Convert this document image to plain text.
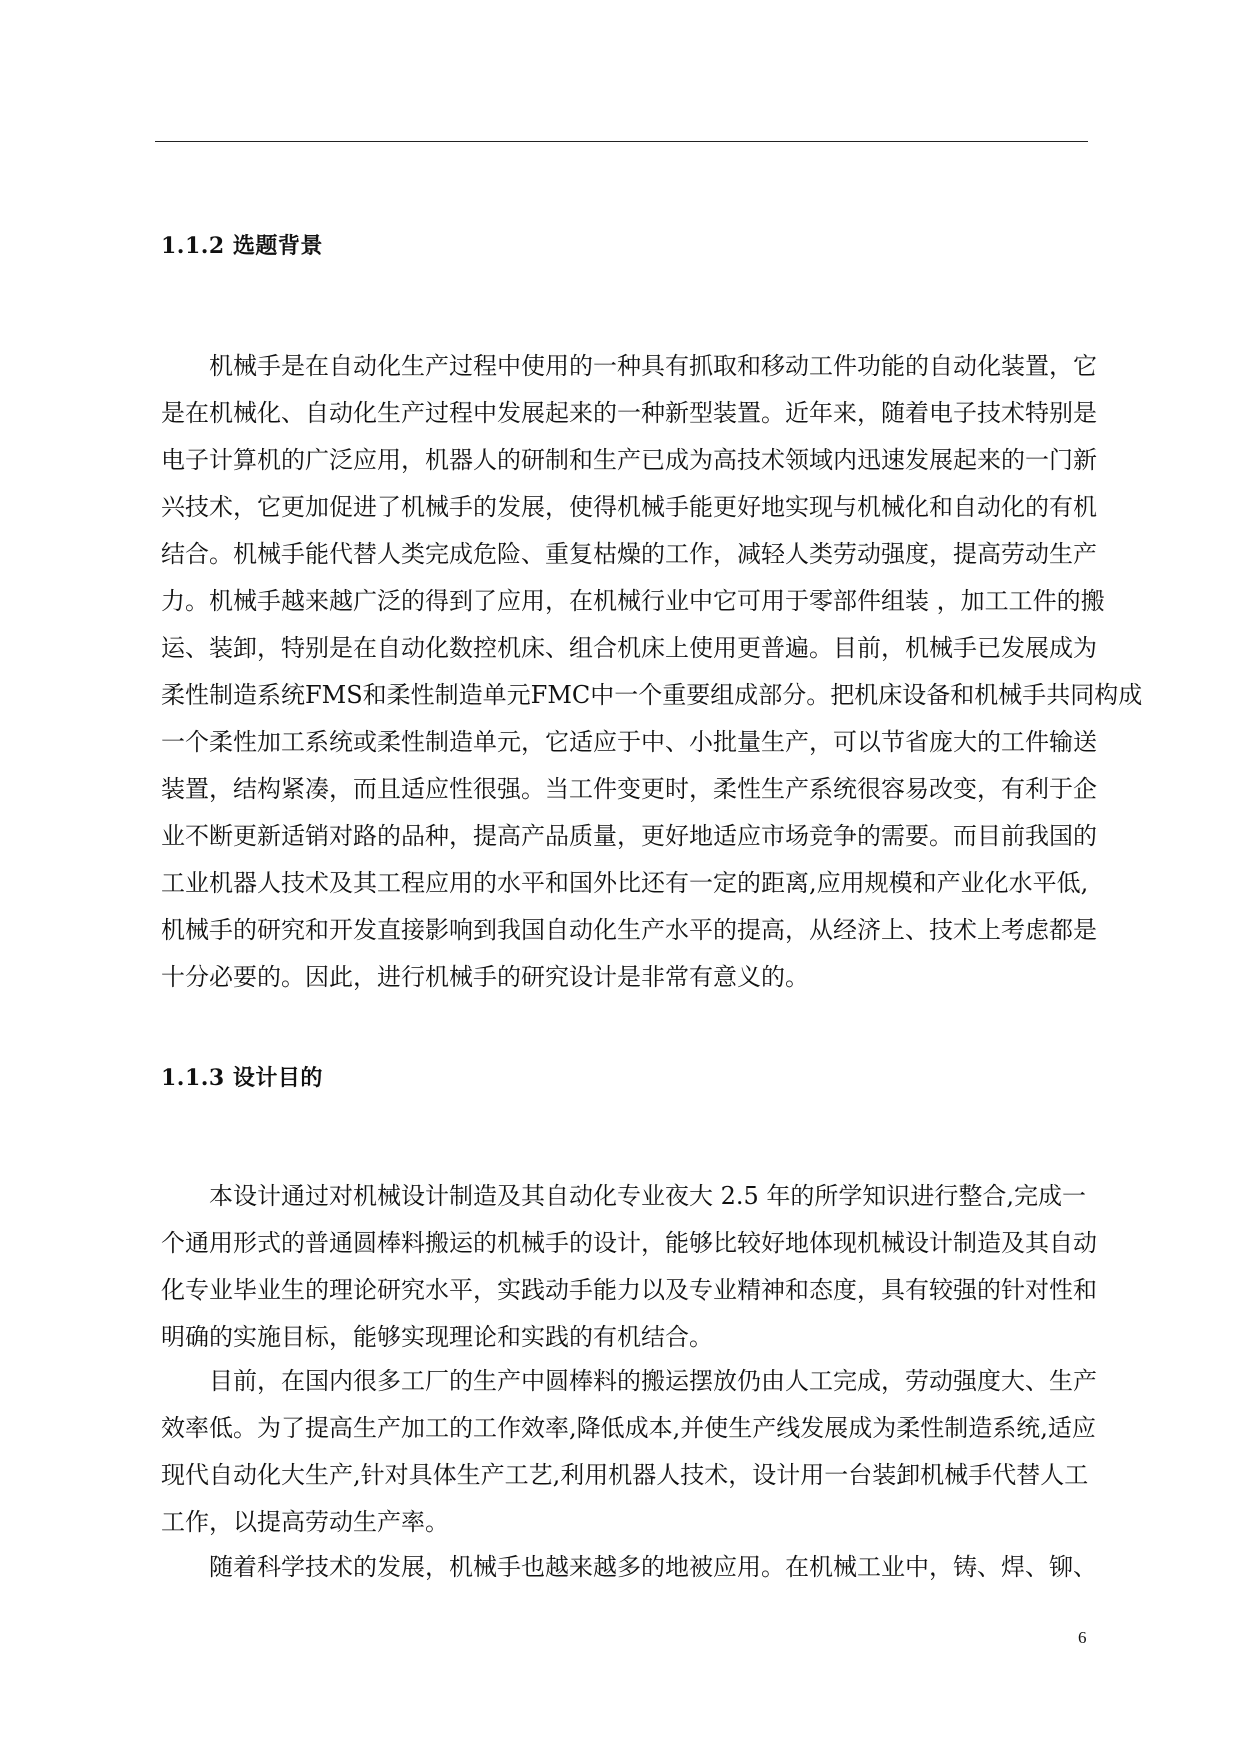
1.1.2 选题背景
机械手是在自动化生产过程中使用的一种具有抓取和移动工件功能的自动化装置，它
是在机械化、自动化生产过程中发展起来的一种新型装置。近年来，随着电子技术特别是
电子计算机的广泛应用，机器人的研制和生产已成为高技术领域内迅速发展起来的一门新
兴技术，它更加促进了机械手的发展，使得机械手能更好地实现与机械化和自动化的有机
结合。机械手能代替人类完成危险、重复枯燥的工作，减轻人类劳动强度，提高劳动生产
力。机械手越来越广泛的得到了应用，在机械行业中它可用于零部件组装 ，加工工件的搬
运、装卸，特别是在自动化数控机床、组合机床上使用更普遍。目前，机械手已发展成为
柔性制造系统FMS和柔性制造单元FMC中一个重要组成部分。把机床设备和机械手共同构成
一个柔性加工系统或柔性制造单元，它适应于中、小批量生产，可以节省庞大的工件输送
装置，结构紧凑，而且适应性很强。当工件变更时，柔性生产系统很容易改变，有利于企
业不断更新适销对路的品种，提高产品质量，更好地适应市场竞争的需要。而目前我国的
工业机器人技术及其工程应用的水平和国外比还有一定的距离,应用规模和产业化水平低,
机械手的研究和开发直接影响到我国自动化生产水平的提高，从经济上、技术上考虑都是
十分必要的。因此，进行机械手的研究设计是非常有意义的。
1.1.3 设计目的
本设计通过对机械设计制造及其自动化专业夜大 2.5 年的所学知识进行整合,完成一
个通用形式的普通圆棒料搬运的机械手的设计，能够比较好地体现机械设计制造及其自动
化专业毕业生的理论研究水平，实践动手能力以及专业精神和态度，具有较强的针对性和
明确的实施目标，能够实现理论和实践的有机结合。
目前，在国内很多工厂的生产中圆棒料的搬运摆放仍由人工完成，劳动强度大、生产
效率低。为了提高生产加工的工作效率,降低成本,并使生产线发展成为柔性制造系统,适应
现代自动化大生产,针对具体生产工艺,利用机器人技术，设计用一台装卸机械手代替人工
工作，以提高劳动生产率。
随着科学技术的发展，机械手也越来越多的地被应用。在机械工业中，铸、焊、铆、
6
